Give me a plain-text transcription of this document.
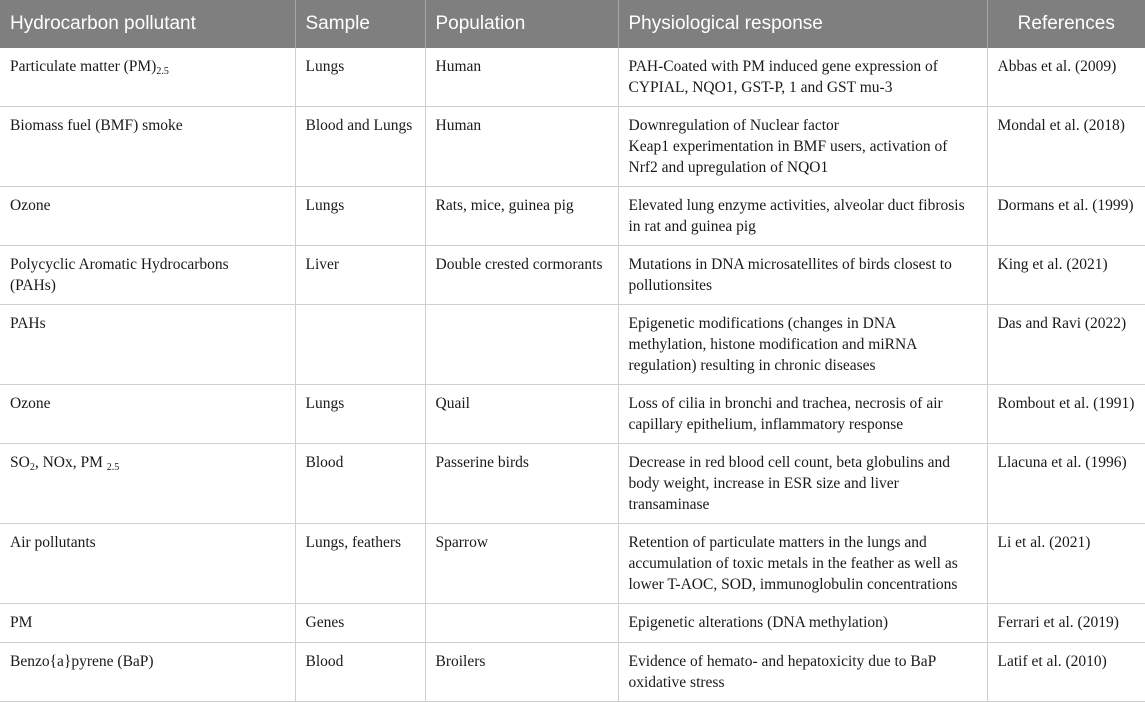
Hydrocarbon pollutant	Sample	Population	Physiological response	References
Particulate matter $(PM)_{2.5}$	Lungs	Human	PAH-Coated with PM induced gene expression of
CYPIAL, NQO1, GST-P, 1 and GST mu-3	Abbas et al. (2009)
Biomass fuel (BMF) smoke	Blood and Lungs	Human	Downregulation of Nuclear factor
Keap1 experimentation in BMF users, activation of
Nrf2 and upregulation of NQO1	Mondal et al. (2018)
Ozone	Lungs	Rats, mice, guinea pig	Elevated lung enzyme activities, alveolar duct fibrosis
in rat and guinea pig	Dormans et al. (1999)

Polycyclic Aromatic Hydrocarbons
(PAHs)	Liver	Double crested cormorants	Mutations in DNA microsatellites of birds closest to
pollutionsites	King et al. (2021)
PAHs			Epigenetic modifications (changes in DNA
methylation, histone modification and miRNA
regulation) resulting in chronic diseases	Das and Ravi (2022)
Ozone	Lungs	Quail	Loss of cilia in bronchi and trachea, necrosis of air
capillary epithelium, inflammatory response	Rombout et al. (1991)
$SO_2$, NOx, PM $_{2.5}$	Blood	Passerine birds	Decrease in red blood cell count, beta globulins and
body weight, increase in ESR size and liver
transaminase	Llacuna et al. (1996)
Air pollutants	Lungs, feathers	Sparrow	Retention of particulate matters in the lungs and
accumulation of toxic metals in the feather as well as
lower T-AOC, SOD, immunoglobulin concentrations	Li et al. (2021)
PM	Genes		Epigenetic alterations (DNA methylation)	Ferrari et al. (2019)
Benzo{a}pyrene (BaP)	Blood	Broilers	Evidence of hemato- and hepatoxicity due to BaP
oxidative stress	Latif et al. (2010)
